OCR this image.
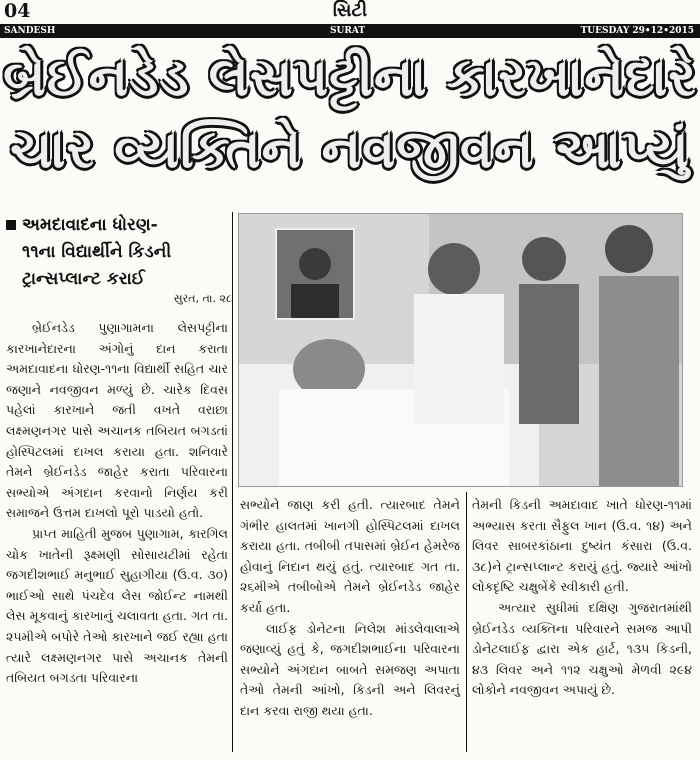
04	સિટી
SANDESH	SURAT	TUESDAY 29•12•2015
બ્રેઈનડેડ લેસપટ્ટીના કારખાનેદારે
ચાર વ્યક્તિને નવજીવન આપ્યું
અમદાવાદના ધોરણ-
૧૧ના વિદ્યાર્થીને કિડની
ટ્રાન્સપ્લાન્ટ કરાઈ
સુરત, તા. ૨૮

બ્રેઈનડેડ પુણાગામના લેસપટ્ટીના કારખાનેદારના અંગોનું દાન કરાતા અમદાવાદના ધોરણ-૧૧ના વિદ્યાર્થી સહિત ચાર જણાને નવજીવન મળ્યું છે. ચારેક દિવસ પહેલાં કારખાને જતી વખતે વરાછા લક્ષ્મણનગર પાસે અચાનક તબિયત બગડતાં હોસ્પિટલમાં દાખલ કરાયા હતા. શનિવારે તેમને બ્રેઈનડેડ જાહેર કરાતા પરિવારના સભ્યોએ અંગદાન કરવાનો નિર્ણય કરી સમાજને ઉત્તમ દાખલો પૂરો પાડયો હતો.

પ્રાપ્ત માહિતી મુજબ પુણાગામ, કારગિલ ચોક ખાતેની રૂક્ષ્મણી સોસાયટીમાં રહેતા જગદીશભાઈ મનુભાઈ સુહાગીયા (ઉ.વ. ૩૦) ભાઈઓ સાથે પંચદેવ લેસ જોઈન્ટ નામથી લેસ મૂકવાનું કારખાનું ચલાવતા હતા. ગત તા. ૨૫મીએ બપોરે તેઓ કારખાને જઈ રહ્યા હતા ત્યારે લક્ષ્મણનગર પાસે અચાનક તેમની તબિયત બગડતા પરિવારના

સભ્યોને જાણ કરી હતી. ત્યારબાદ તેમને ગંભીર હાલતમાં ખાનગી હોસ્પિટલમાં દાખલ કરાયા હતા. તબીબી તપાસમાં બ્રેઈન હેમરેજ હોવાનું નિદાન થયું હતું. ત્યારબાદ ગત તા. ૨૬મીએ તબીબોએ તેમને બ્રેઈનડેડ જાહેર કર્યા હતા.

લાઈફ ડોનેટના નિલેશ માંડલેવાલાએ જણાવ્યું હતું કે, જગદીશભાઈના પરિવારના સભ્યોને અંગદાન બાબતે સમજણ અપાતા તેઓ તેમની આંખો, કિડની અને લિવરનું દાન કરવા રાજી થયા હતા.

તેમની કિડની અમદાવાદ ખાતે ધોરણ-૧૧માં અભ્યાસ કરતા સૈફુલ ખાન (ઉ.વ. ૧૪) અને લિવર સાબરકાંઠાના દુષ્યંત કંસારા (ઉ.વ. ૩૮)ને ટ્રાન્સપ્લાન્ટ કરાયું હતું. જ્યારે આંખો લોકદૃષ્ટિ ચક્ષુબેંકે સ્વીકારી હતી.

અત્યાર સુધીમાં દક્ષિણ ગુજરાતમાંથી બ્રેઈનડેડ વ્યક્તિના પરિવારને સમજ આપી ડોનેટલાઈફ દ્વારા એક હાર્ટ, ૧૩૫ કિડની, ૪૩ લિવર અને ૧૧૨ ચક્ષુઓ મેળવી ૨૯૪ લોકોને નવજીવન અપાયું છે.
